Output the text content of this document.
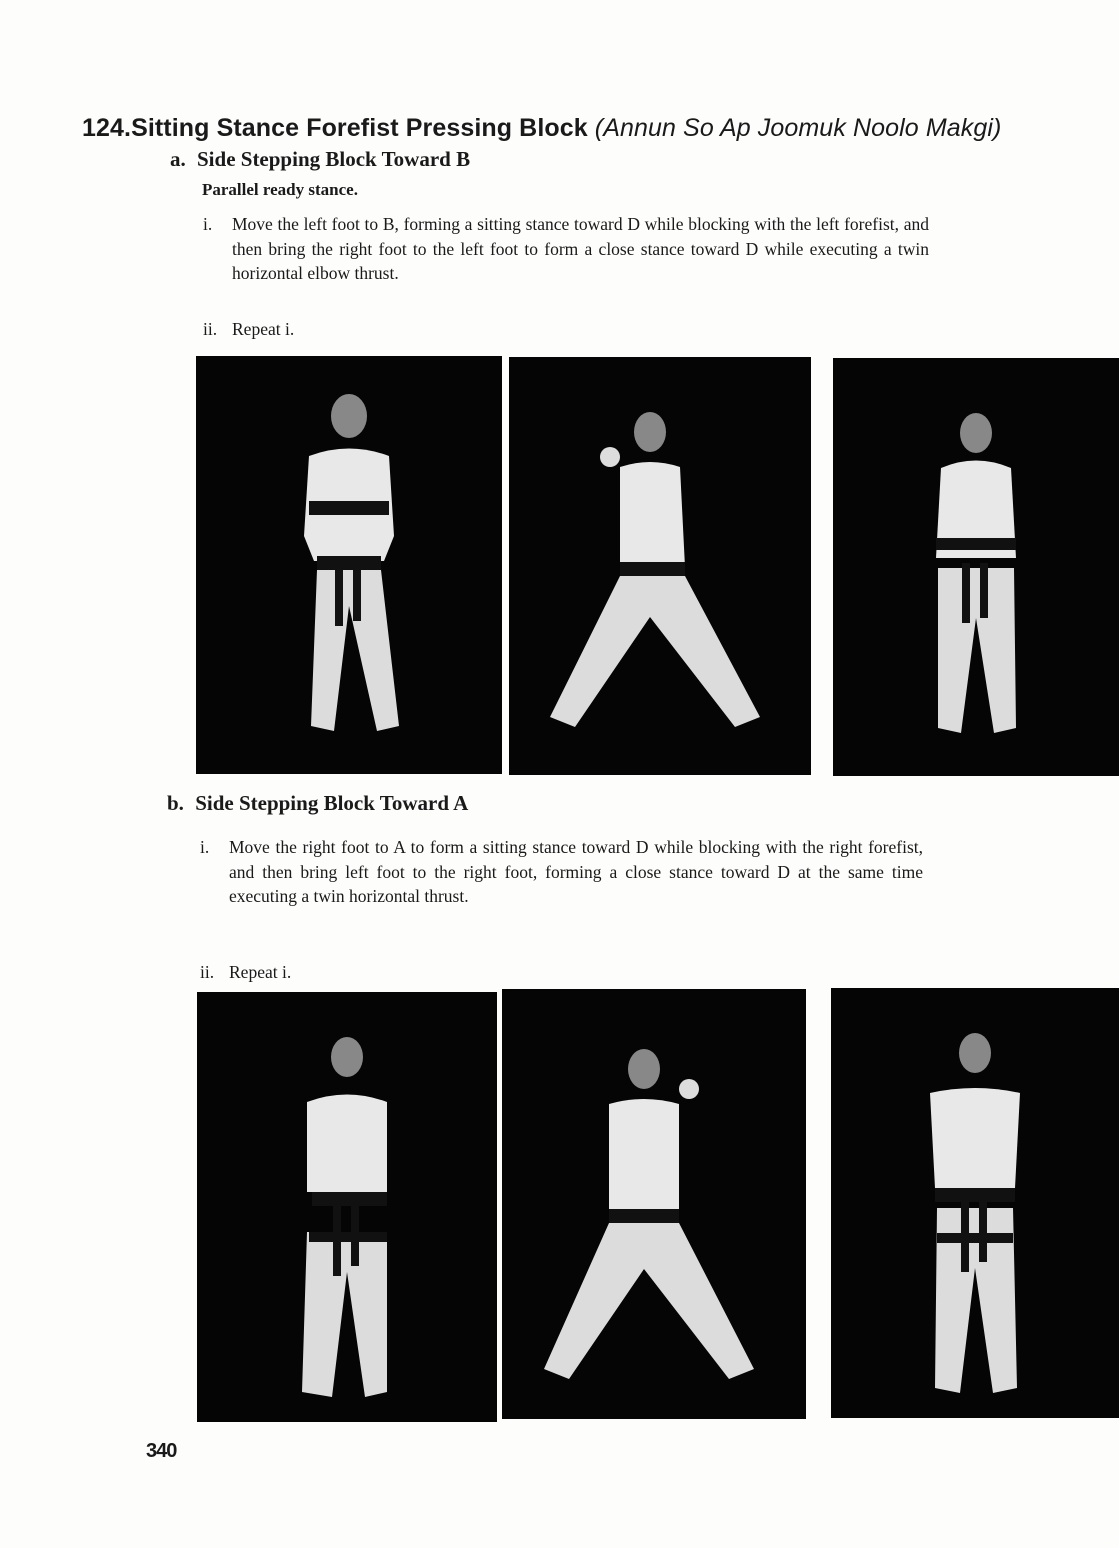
124.Sitting Stance Forefist Pressing Block (Annun So Ap Joomuk Noolo Makgi)
a. Side Stepping Block Toward B
Parallel ready stance.
i. Move the left foot to B, forming a sitting stance toward D while blocking with the left forefist, and then bring the right foot to the left foot to form a close stance toward D while executing a twin horizontal elbow thrust.
ii. Repeat i.
b. Side Stepping Block Toward A
i. Move the right foot to A to form a sitting stance toward D while blocking with the right forefist, and then bring left foot to the right foot, forming a close stance toward D at the same time executing a twin horizontal thrust.
ii. Repeat i.
340
